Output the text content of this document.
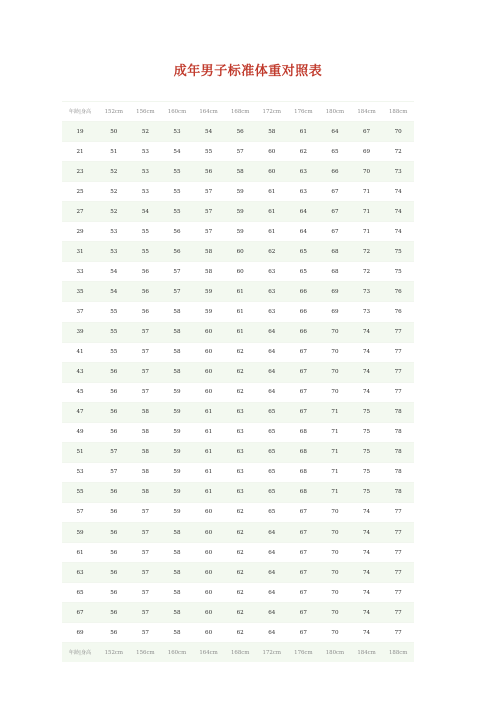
成年男子标准体重对照表
年龄|身高	152cm	156cm	160cm	164cm	168cm	172cm	176cm	180cm	184cm	188cm
19	50	52	53	54	56	58	61	64	67	70
21	51	53	54	55	57	60	62	65	69	72
23	52	53	55	56	58	60	63	66	70	73
25	52	53	55	57	59	61	63	67	71	74
27	52	54	55	57	59	61	64	67	71	74
29	53	55	56	57	59	61	64	67	71	74
31	53	55	56	58	60	62	65	68	72	75
33	54	56	57	58	60	63	65	68	72	75
35	54	56	57	59	61	63	66	69	73	76
37	55	56	58	59	61	63	66	69	73	76
39	55	57	58	60	61	64	66	70	74	77
41	55	57	58	60	62	64	67	70	74	77
43	56	57	58	60	62	64	67	70	74	77
45	56	57	59	60	62	64	67	70	74	77
47	56	58	59	61	63	65	67	71	75	78
49	56	58	59	61	63	65	68	71	75	78
51	57	58	59	61	63	65	68	71	75	78
53	57	58	59	61	63	65	68	71	75	78
55	56	58	59	61	63	65	68	71	75	78
57	56	57	59	60	62	65	67	70	74	77
59	56	57	58	60	62	64	67	70	74	77
61	56	57	58	60	62	64	67	70	74	77
63	56	57	58	60	62	64	67	70	74	77
65	56	57	58	60	62	64	67	70	74	77
67	56	57	58	60	62	64	67	70	74	77
69	56	57	58	60	62	64	67	70	74	77
年龄|身高	152cm	156cm	160cm	164cm	168cm	172cm	176cm	180cm	184cm	188cm
